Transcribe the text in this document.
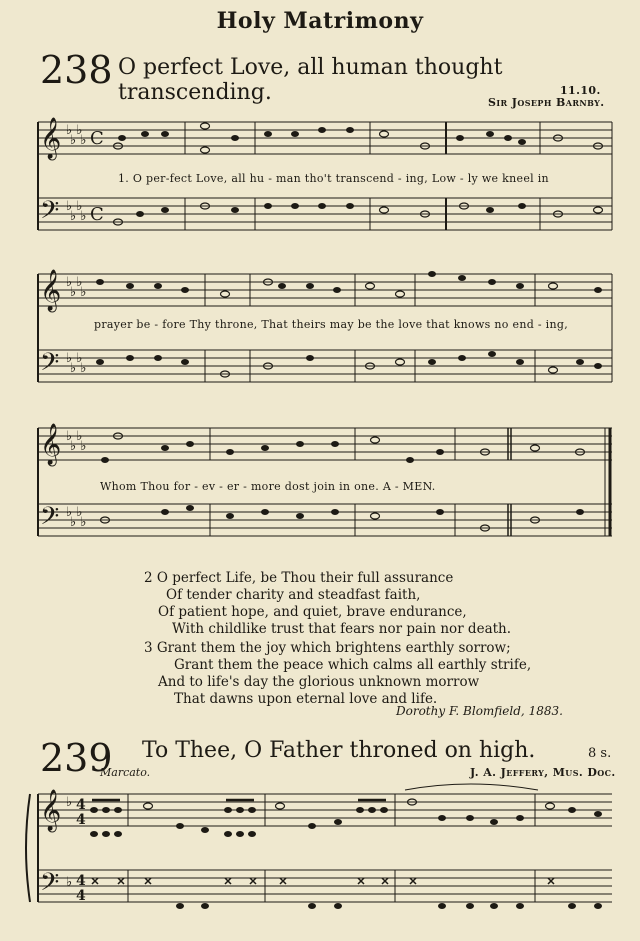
Holy Matrimony
238 O perfect Love, all human thought transcending.	11.10.
Sir Joseph Barnby.
𝄞
𝄢
♭ ♭
♭ ♭
♭ ♭
♭ ♭
C
C
1. O per-fect Love, all hu - man tho't transcend - ing, Low - ly we kneel in
𝄞
𝄢
♭ ♭
♭ ♭
♭ ♭
♭ ♭
prayer be - fore Thy throne, That theirs may be the love that knows no end - ing,
𝄞
𝄢
♭ ♭
♭ ♭
♭ ♭
♭ ♭
Whom Thou for - ev - er - more dost join in one. A - MEN.
2 O perfect Life, be Thou their full assurance
Of tender charity and steadfast faith,
Of patient hope, and quiet, brave endurance,
With childlike trust that fears nor pain nor death.
3 Grant them the joy which brightens earthly sorrow;
Grant them the peace which calms all earthly strife,
And to life's day the glorious unknown morrow
That dawns upon eternal love and life.
Dorothy F. Blomfield, 1883.
239 To Thee, O Father throned on high.	8 s.
Marcato.	J. A. Jeffery, Mus. Doc.
𝄞
𝄢
♭
♭
4
4
4
4
